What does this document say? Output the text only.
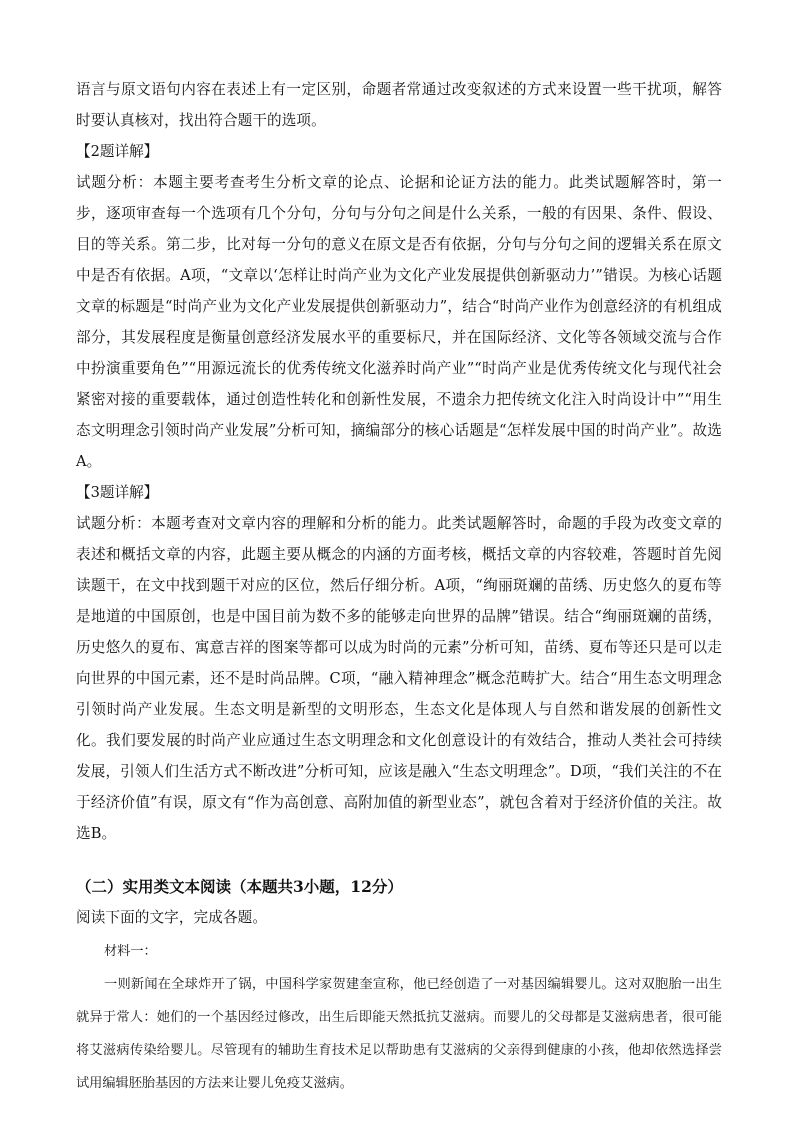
语言与原文语句内容在表述上有一定区别，命题者常通过改变叙述的方式来设置一些干扰项，解答时要认真核对，找出符合题干的选项。

【2题详解】

试题分析：本题主要考查考生分析文章的论点、论据和论证方法的能力。此类试题解答时，第一步，逐项审查每一个选项有几个分句，分句与分句之间是什么关系，一般的有因果、条件、假设、目的等关系。第二步，比对每一分句的意义在原文是否有依据，分句与分句之间的逻辑关系在原文中是否有依据。A项，“文章以‘怎样让时尚产业为文化产业发展提供创新驱动力’”错误。为核心话题文章的标题是“时尚产业为文化产业发展提供创新驱动力”，结合“时尚产业作为创意经济的有机组成部分，其发展程度是衡量创意经济发展水平的重要标尺，并在国际经济、文化等各领域交流与合作中扮演重要角色”“用源远流长的优秀传统文化滋养时尚产业”“时尚产业是优秀传统文化与现代社会紧密对接的重要载体，通过创造性转化和创新性发展，不遗余力把传统文化注入时尚设计中”“用生态文明理念引领时尚产业发展”分析可知，摘编部分的核心话题是“怎样发展中国的时尚产业”。故选A。

【3题详解】

试题分析：本题考查对文章内容的理解和分析的能力。此类试题解答时，命题的手段为改变文章的表述和概括文章的内容，此题主要从概念的内涵的方面考核，概括文章的内容较难，答题时首先阅读题干，在文中找到题干对应的区位，然后仔细分析。A项，“绚丽斑斓的苗绣、历史悠久的夏布等是地道的中国原创，也是中国目前为数不多的能够走向世界的品牌”错误。结合“绚丽斑斓的苗绣，历史悠久的夏布、寓意吉祥的图案等都可以成为时尚的元素”分析可知，苗绣、夏布等还只是可以走向世界的中国元素，还不是时尚品牌。C项，“融入精神理念”概念范畴扩大。结合“用生态文明理念引领时尚产业发展。生态文明是新型的文明形态，生态文化是体现人与自然和谐发展的创新性文化。我们要发展的时尚产业应通过生态文明理念和文化创意设计的有效结合，推动人类社会可持续发展，引领人们生活方式不断改进”分析可知，应该是融入“生态文明理念”。D项，“我们关注的不在于经济价值”有误，原文有“作为高创意、高附加值的新型业态”，就包含着对于经济价值的关注。故选B。

（二）实用类文本阅读（本题共3小题，12分）

阅读下面的文字，完成各题。

材料一：

一则新闻在全球炸开了锅，中国科学家贺建奎宣称，他已经创造了一对基因编辑婴儿。这对双胞胎一出生就异于常人：她们的一个基因经过修改，出生后即能天然抵抗艾滋病。而婴儿的父母都是艾滋病患者，很可能将艾滋病传染给婴儿。尽管现有的辅助生育技术足以帮助患有艾滋病的父亲得到健康的小孩，他却依然选择尝试用编辑胚胎基因的方法来让婴儿免疫艾滋病。
